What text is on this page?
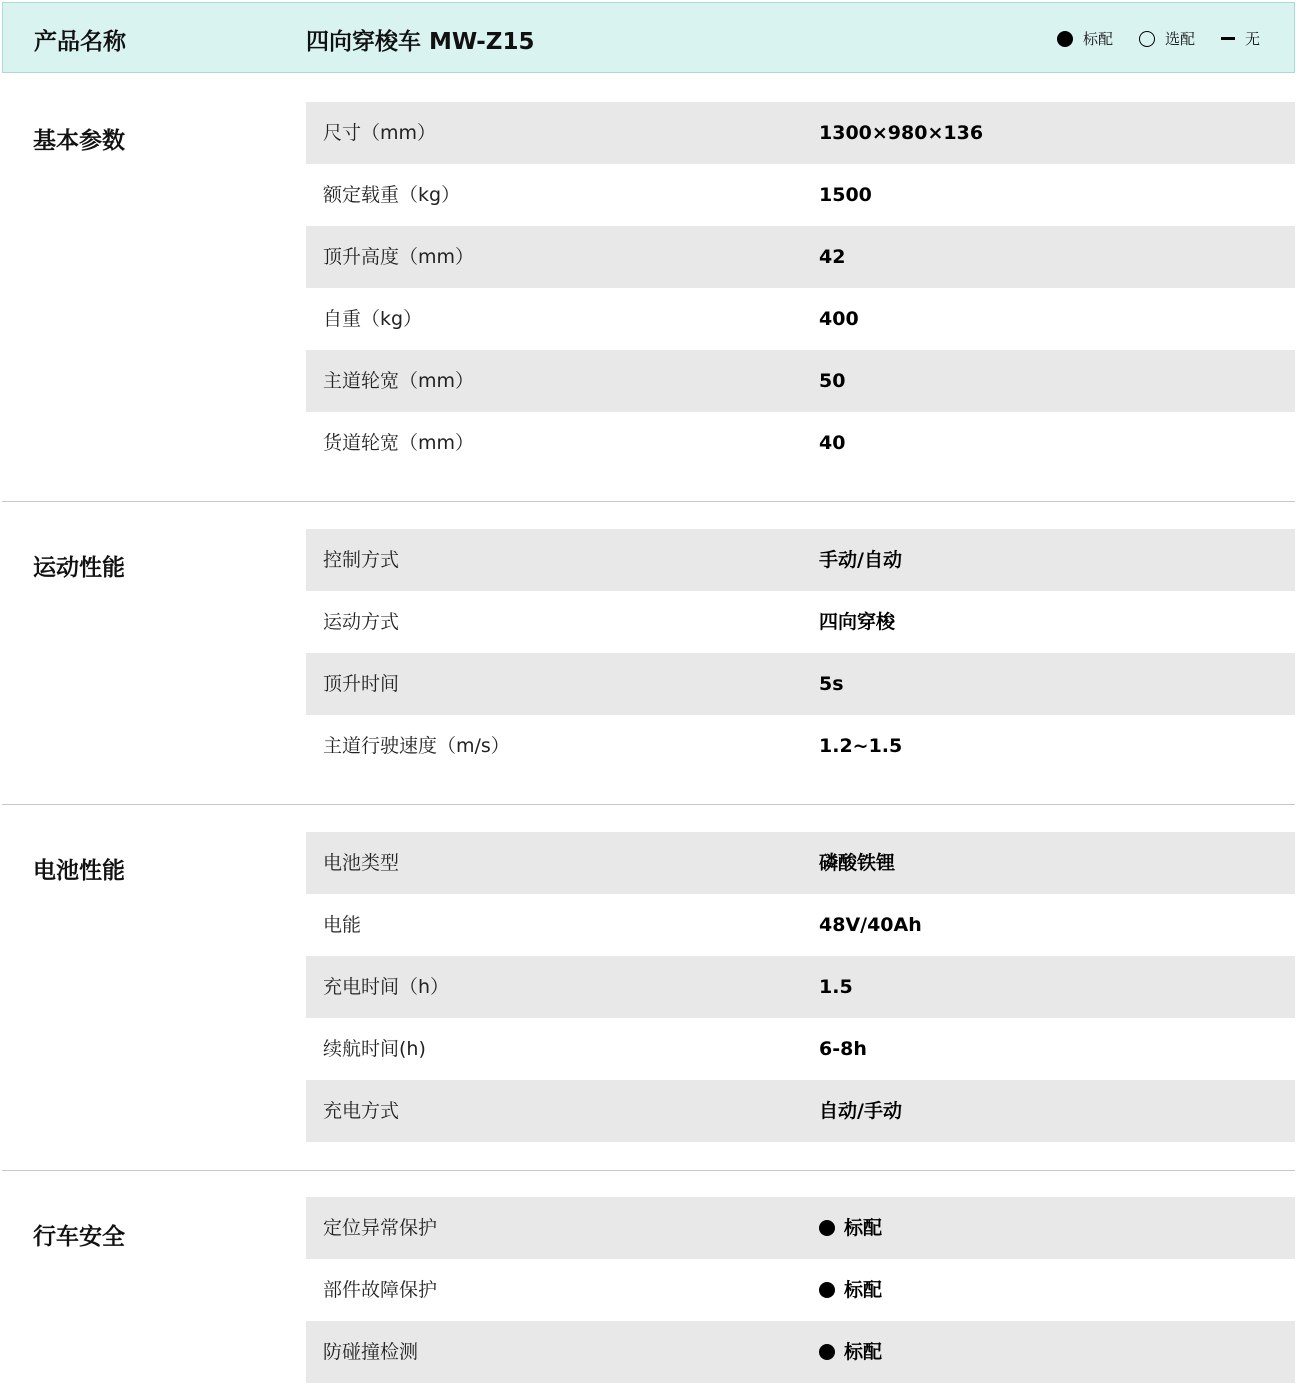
产品名称	四向穿梭车 MW-Z15	标配	选配	无
基本参数	尺寸（mm）	1300×980×136
额定载重（kg）	1500
顶升高度（mm）	42
自重（kg）	400
主道轮宽（mm）	50
货道轮宽（mm）	40
运动性能	控制方式	手动/自动
运动方式	四向穿梭
顶升时间	5s
主道行驶速度（m/s）	1.2~1.5
电池性能	电池类型	磷酸铁锂
电能	48V/40Ah
充电时间（h）	1.5
续航时间(h)	6-8h
充电方式	自动/手动
行车安全	定位异常保护	标配
部件故障保护	标配
防碰撞检测	标配
